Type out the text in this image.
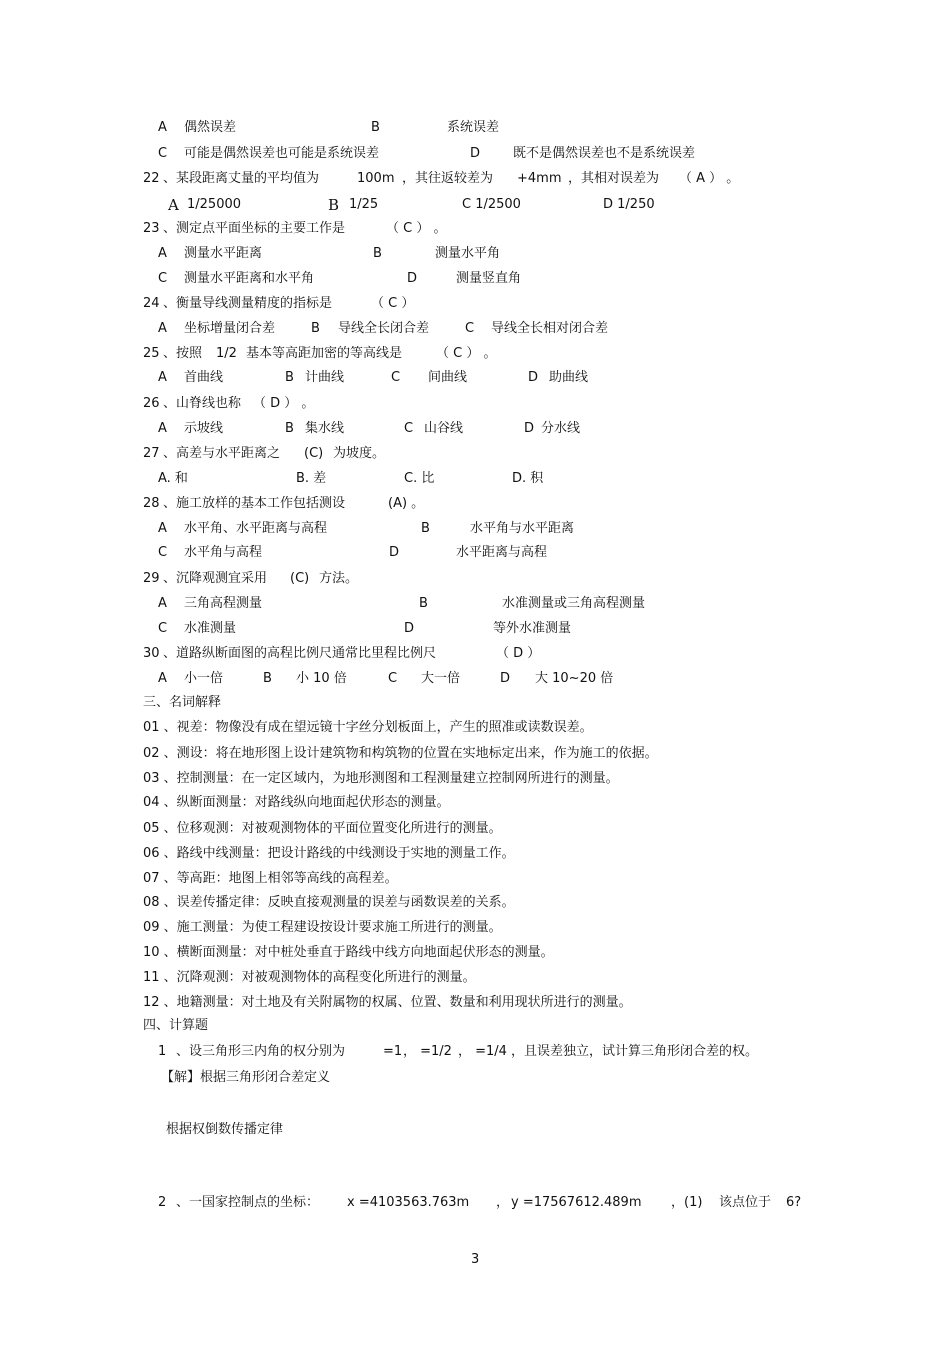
A 偶然误差	B	系统误差
C 可能是偶然误差也可能是系统误差	D	既不是偶然误差也不是系统误差
22 、某段距离丈量的平均值为	100m ，其往返较差为 +4mm ，其相对误差为 （ A ） 。
A 1/25000	B 1/25	C 1/2500	D 1/250
23 、测定点平面坐标的主要工作是	（ C ） 。
A 测量水平距离	B	测量水平角
C 测量水平距离和水平角	D	测量竖直角
24 、衡量导线测量精度的指标是	（ C ）
A 坐标增量闭合差	B 导线全长闭合差	C 导线全长相对闭合差
25 、按照 1/2 基本等高距加密的等高线是	（ C ） 。
A 首曲线	B 计曲线	C 间曲线	D 助曲线
26 、山脊线也称 （ D ） 。
A 示坡线	B 集水线	C 山谷线	D 分水线
27 、高差与水平距离之 (C) 为坡度。
A. 和	B. 差	C. 比	D. 积
28 、施工放样的基本工作包括测设	(A) 。
A 水平角、水平距离与高程	B	水平角与水平距离
C 水平角与高程	D	水平距离与高程
29 、沉降观测宜采用 (C) 方法。
A 三角高程测量	B	水准测量或三角高程测量
C 水准测量	D	等外水准测量
30 、道路纵断面图的高程比例尺通常比里程比例尺	（ D ）
A 小一倍	B 小 10 倍	C 大一倍	D 大 10~20 倍
三、名词解释
01 、视差：物像没有成在望远镜十字丝分划板面上，产生的照准或读数误差。
02 、测设：将在地形图上设计建筑物和构筑物的位置在实地标定出来，作为施工的依据。
03 、控制测量：在一定区域内，为地形测图和工程测量建立控制网所进行的测量。
04 、纵断面测量：对路线纵向地面起伏形态的测量。
05 、位移观测：对被观测物体的平面位置变化所进行的测量。
06 、路线中线测量：把设计路线的中线测设于实地的测量工作。
07 、等高距：地图上相邻等高线的高程差。
08 、误差传播定律：反映直接观测量的误差与函数误差的关系。
09 、施工测量：为使工程建设按设计要求施工所进行的测量。
10 、横断面测量：对中桩处垂直于路线中线方向地面起伏形态的测量。
11 、沉降观测：对被观测物体的高程变化所进行的测量。
12 、地籍测量：对土地及有关附属物的权属、位置、数量和利用现状所进行的测量。
四、计算题
1 、设三角形三内角的权分别为	=1 ， =1/2 ， =1/4 ，且误差独立，试计算三角形闭合差的权。
【解】根据三角形闭合差定义
根据权倒数传播定律
2 、一国家控制点的坐标： x =4103563.763m ， y =17567612.489m ，(1) 该点位于 6?
3
